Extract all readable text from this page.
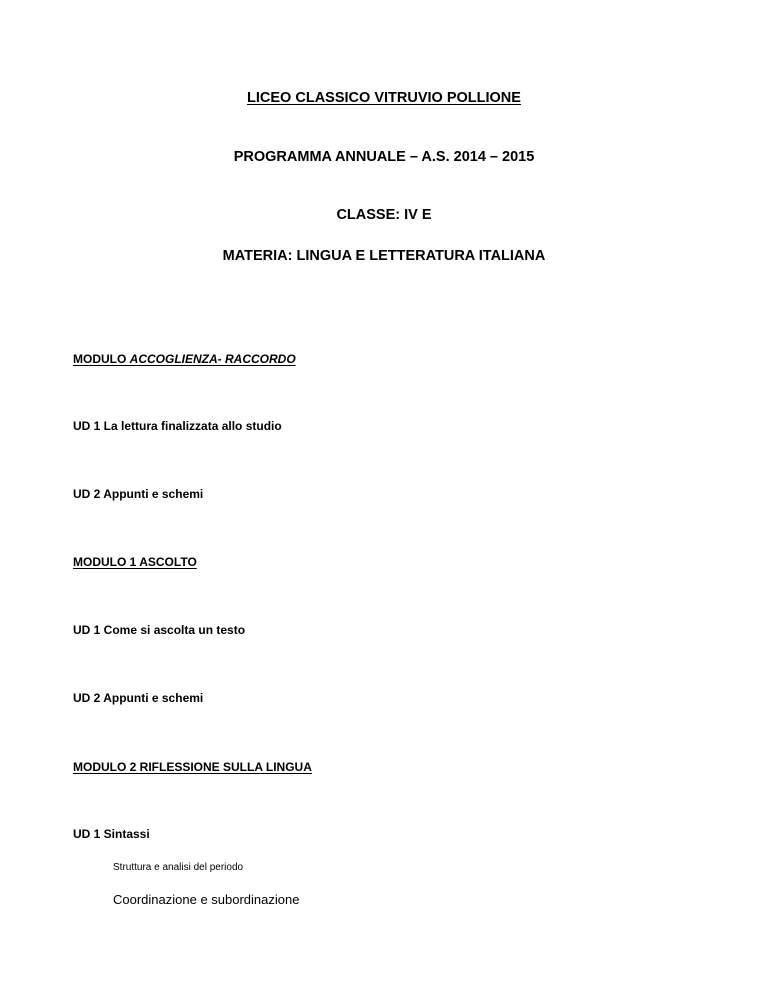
LICEO CLASSICO VITRUVIO POLLIONE
PROGRAMMA ANNUALE – A.S. 2014 – 2015
CLASSE: IV E
MATERIA: LINGUA E LETTERATURA ITALIANA
MODULO ACCOGLIENZA- RACCORDO
UD 1 La lettura finalizzata allo studio
UD 2 Appunti e schemi
MODULO 1 ASCOLTO
UD 1 Come si ascolta un testo
UD 2 Appunti e schemi
MODULO 2 RIFLESSIONE SULLA LINGUA
UD 1 Sintassi
Struttura e analisi del periodo
Coordinazione e subordinazione
